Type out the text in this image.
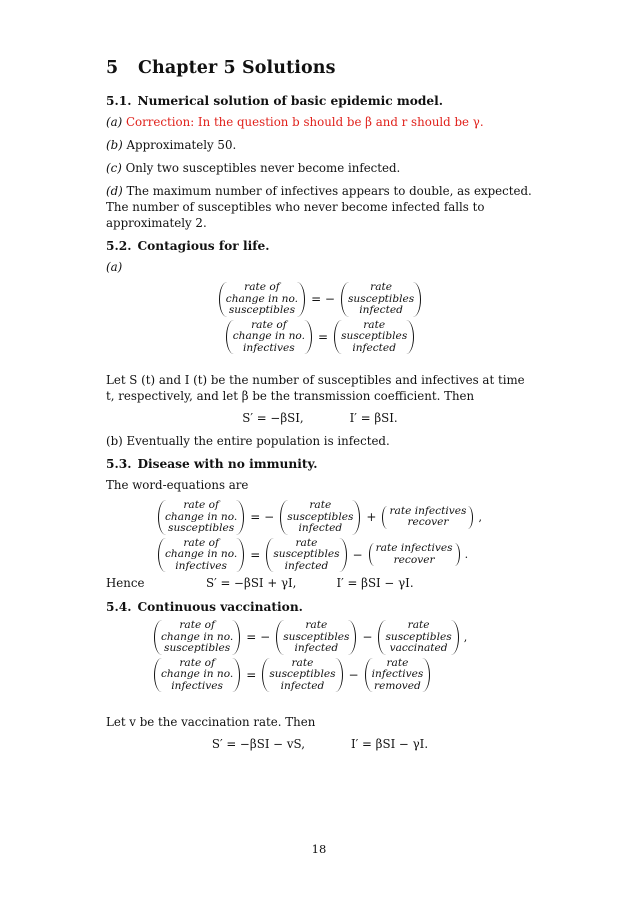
5 Chapter 5 Solutions
5.1. Numerical solution of basic epidemic model.

(a) Correction: In the question b should be β and r should be γ.

(b) Approximately 50.

(c) Only two susceptibles never become infected.

(d) The maximum number of infectives appears to double, as expected. The number of susceptibles who never become infected falls to approximately 2.

5.2. Contagious for life.

(a)

rate of
change in no.
susceptibles
= −
rate
susceptibles
infected
rate of
change in no.
infectives
=
rate
susceptibles
infected

Let S (t) and I (t) be the number of susceptibles and infectives at time t, respectively, and let β be the transmission coefficient. Then

S′ = −βSI,	I′ = βSI.

(b) Eventually the entire population is infected.

5.3. Disease with no immunity.

The word-equations are

rate of
change in no.
susceptibles
= −
rate
susceptibles
infected
+ rate infectives
recover	,
rate of
change in no.
infectives
=
rate
susceptibles
infected
− rate infectives
recover	.
Hence	S′ = −βSI + γI,	I′ = βSI − γI.
5.4. Continuous vaccination.
rate of
change in no.
susceptibles
= −
rate
susceptibles
infected
−
rate
susceptibles
vaccinated
,
rate of
change in no.
infectives
=
rate
susceptibles
infected
−
rate
infectives
removed

Let v be the vaccination rate. Then

S′ = −βSI − vS,	I′ = βSI − γI.
18
